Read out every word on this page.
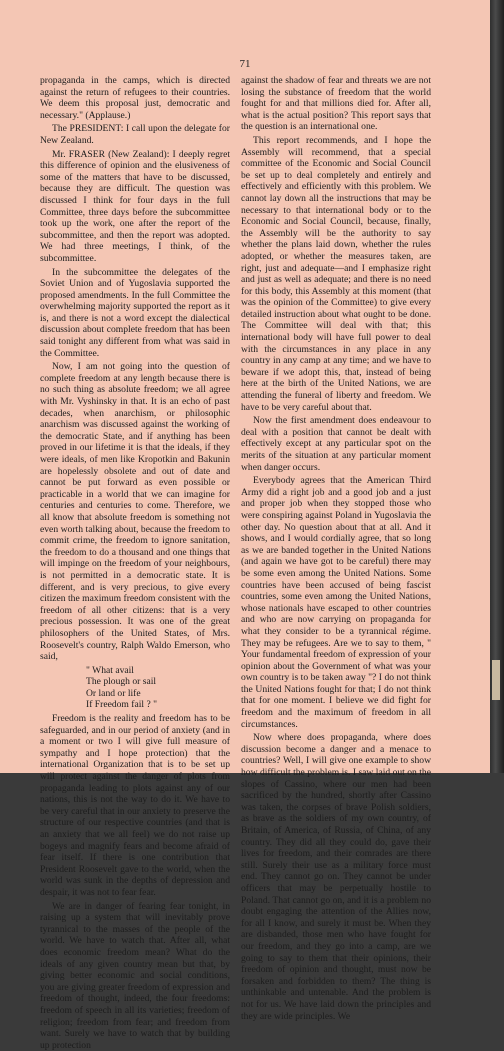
71

propaganda in the camps, which is directed against the return of refugees to their countries. We deem this proposal just, democratic and necessary." (Applause.)

The PRESIDENT: I call upon the delegate for New Zealand.

Mr. FRASER (New Zealand): I deeply regret this difference of opinion and the elusiveness of some of the matters that have to be discussed, because they are difficult. The question was discussed I think for four days in the full Committee, three days before the subcommittee took up the work, one after the report of the subcommittee, and then the report was adopted. We had three meetings, I think, of the subcommittee.

In the subcommittee the delegates of the Soviet Union and of Yugoslavia supported the proposed amendments. In the full Committee the overwhelming majority supported the report as it is, and there is not a word except the dialectical discussion about complete freedom that has been said tonight any different from what was said in the Committee.

Now, I am not going into the question of complete freedom at any length because there is no such thing as absolute freedom; we all agree with Mr. Vyshinsky in that. It is an echo of past decades, when anarchism, or philosophic anarchism was discussed against the working of the democratic State, and if anything has been proved in our lifetime it is that the ideals, if they were ideals, of men like Kropotkin and Bakunin are hopelessly obsolete and out of date and cannot be put forward as even possible or practicable in a world that we can imagine for centuries and centuries to come. Therefore, we all know that absolute freedom is something not even worth talking about, because the freedom to commit crime, the freedom to ignore sanitation, the freedom to do a thousand and one things that will impinge on the freedom of your neighbours, is not permitted in a democratic state. It is different, and is very precious, to give every citizen the maximum freedom consistent with the freedom of all other citizens: that is a very precious possession. It was one of the great philosophers of the United States, of Mrs. Roosevelt's country, Ralph Waldo Emerson, who said,

" What avail
The plough or sail
Or land or life
If Freedom fail ? "

Freedom is the reality and freedom has to be safeguarded, and in our period of anxiety (and in a moment or two I will give full measure of sympathy and I hope protection) that the international Organization that is to be set up will protect against the danger of plots from propaganda leading to plots against any of our nations, this is not the way to do it. We have to be very careful that in our anxiety to preserve the structure of our respective countries (and that is an anxiety that we all feel) we do not raise up bogeys and magnify fears and become afraid of fear itself. If there is one contribution that President Roosevelt gave to the world, when the world was sunk in the depths of depression and despair, it was not to fear fear.

We are in danger of fearing fear tonight, in raising up a system that will inevitably prove tyrannical to the masses of the people of the world. We have to watch that. After all, what does economic freedom mean? What do the ideals of any given country mean but that, by giving better economic and social conditions, you are giving greater freedom of expression and freedom of thought, indeed, the four freedoms: freedom of speech in all its varieties; freedom of religion; freedom from fear; and freedom from want. Surely we have to watch that by building up protection

against the shadow of fear and threats we are not losing the substance of freedom that the world fought for and that millions died for. After all, what is the actual position? This report says that the question is an international one.

This report recommends, and I hope the Assembly will recommend, that a special committee of the Economic and Social Council be set up to deal completely and entirely and effectively and efficiently with this problem. We cannot lay down all the instructions that may be necessary to that international body or to the Economic and Social Council, because, finally, the Assembly will be the authority to say whether the plans laid down, whether the rules adopted, or whether the measures taken, are right, just and adequate—and I emphasize right and just as well as adequate; and there is no need for this body, this Assembly at this moment (that was the opinion of the Committee) to give every detailed instruction about what ought to be done. The Committee will deal with that; this international body will have full power to deal with the circumstances in any place in any country in any camp at any time; and we have to beware if we adopt this, that, instead of being here at the birth of the United Nations, we are attending the funeral of liberty and freedom. We have to be very careful about that.

Now the first amendment does endeavour to deal with a position that cannot be dealt with effectively except at any particular spot on the merits of the situation at any particular moment when danger occurs.

Everybody agrees that the American Third Army did a right job and a good job and a just and proper job when they stopped those who were conspiring against Poland in Yugoslavia the other day. No question about that at all. And it shows, and I would cordially agree, that so long as we are banded together in the United Nations (and again we have got to be careful) there may be some even among the United Nations. Some countries have been accused of being fascist countries, some even among the United Nations, whose nationals have escaped to other countries and who are now carrying on propaganda for what they consider to be a tyrannical régime. They may be refugees. Are we to say to them, " Your fundamental freedom of expression of your opinion about the Government of what was your own country is to be taken away "? I do not think the United Nations fought for that; I do not think that for one moment. I believe we did fight for freedom and the maximum of freedom in all circumstances.

Now where does propaganda, where does discussion become a danger and a menace to countries? Well, I will give one example to show how difficult the problem is. I saw laid out on the slopes of Cassino, where our men had been sacrificed by the hundred, shortly after Cassino was taken, the corpses of brave Polish soldiers, as brave as the soldiers of my own country, of Britain, of America, of Russia, of China, of any country. They did all they could do, gave their lives for freedom, and their comrades are there still. Surely their use as a military force must end. They cannot go on. They cannot be under officers that may be perpetually hostile to Poland. That cannot go on, and it is a problem no doubt engaging the attention of the Allies now, for all I know, and surely it must be. When they are disbanded, those men who have fought for our freedom, and they go into a camp, are we going to say to them that their opinions, their freedom of opinion and thought, must now be forsaken and forbidden to them? The thing is unthinkable and untenable. And the problem is not for us. We have laid down the principles and they are wide principles. We
